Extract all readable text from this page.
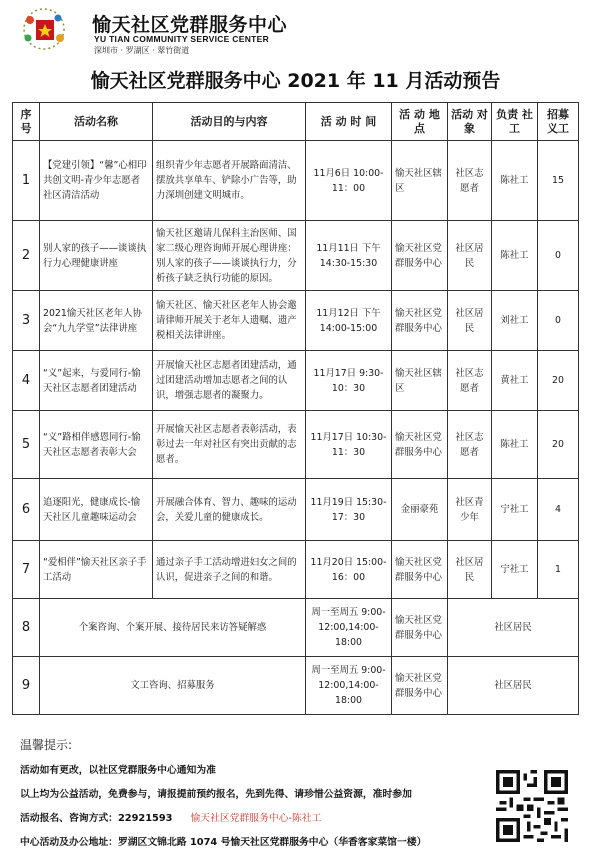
愉天社区党群服务中心
YU TIAN COMMUNITY SERVICE CENTER
深圳市 · 罗湖区 · 翠竹街道
愉天社区党群服务中心 2021 年 11 月活动预告
序号	活动名称	活动目的与内容	活 动 时 间	活 动 地 点	活动 对象	负责 社工	招募 义工
1	【党建引领】“馨”心相印共创文明-青少年志愿者社区清洁活动	组织青少年志愿者开展路面清洁、摆放共享单车、铲除小广告等，助力深圳创建文明城市。	11月6日 10:00-11：00	愉天社区辖区	社区志愿者	陈社工	15
2	别人家的孩子——谈谈执行力心理健康讲座	愉天社区邀请儿保科主治医师、国家二级心理咨询师开展心理讲座：别人家的孩子——谈谈执行力，分析孩子缺乏执行功能的原因。	11月11日 下午 14:30-15:30	愉天社区党群服务中心	社区居民	陈社工	0
3	2021愉天社区老年人协会“九九学堂”法律讲座	愉天社区、愉天社区老年人协会邀请律师开展关于老年人遗嘱、遗产税相关法律讲座。	11月12日 下午 14:00-15:00	愉天社区党群服务中心	社区居民	刘社工	0
4	“义”起来，与爱同行-愉天社区志愿者团建活动	开展愉天社区志愿者团建活动，通过团建活动增加志愿者之间的认识，增强志愿者的凝聚力。	11月17日 9:30-10：30	愉天社区辖区	社区志愿者	黄社工	20
5	“义”路相伴感恩同行-愉天社区志愿者表彰大会	开展愉天社区志愿者表彰活动，表彰过去一年对社区有突出贡献的志愿者。	11月17日 10:30-11：30	愉天社区党群服务中心	社区志愿者	陈社工	20
6	追逐阳光，健康成长-愉天社区儿童趣味运动会	开展融合体育、智力、趣味的运动会，关爱儿童的健康成长。	11月19日 15:30-17：30	金丽豪苑	社区青少年	宁社工	4
7	“爱相伴”愉天社区亲子手工活动	通过亲子手工活动增进妇女之间的认识，促进亲子之间的和谐。	11月20日 15:00-16：00	愉天社区党群服务中心	社区居民	宁社工	1
8	个案咨询、个案开展、接待居民来访答疑解惑		周一至周五 9:00-12:00,14:00-18:00	愉天社区党群服务中心	社区居民		
9	文工咨询、招募服务		周一至周五 9:00-12:00,14:00-18:00	愉天社区党群服务中心	社区居民		
温馨提示:
活动如有更改，以社区党群服务中心通知为准
以上均为公益活动，免费参与，请报提前预约报名，先到先得、请珍惜公益资源，准时参加
活动报名、咨询方式：22921593 愉天社区党群服务中心-陈社工
中心活动及办公地址：罗湖区文锦北路 1074 号愉天社区党群服务中心（华香客家菜馆一楼）
